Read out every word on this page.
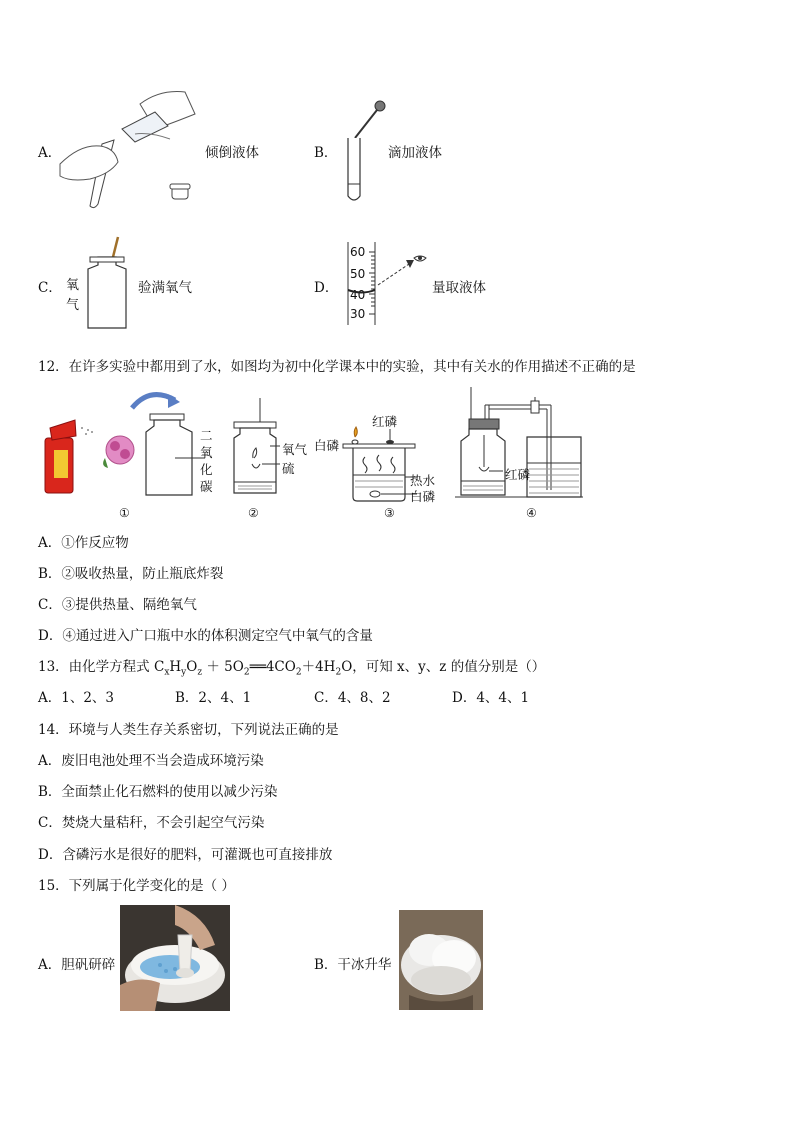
A．	倾倒液体	B．	滴加液体
C． 氧
气
验满氧气	D．
60
50
40
30
量取液体
12．在许多实验中都用到了水，如图均为初中化学课本中的实验，其中有关水的作用描述不正确的是
二
氧
化
碳
①
氧气
硫
②
红磷
白磷
热水
白磷
③
红磷
④
A．①作反应物
B．②吸收热量，防止瓶底炸裂
C．③提供热量、隔绝氧气
D．④通过进入广口瓶中水的体积测定空气中氧气的含量
13．由化学方程式 $C_xH_yO_z$ ＋ $5O_2══4CO_2+4H_2O$，可知 x、y、z 的值分别是（）
A．1、2、3	B．2、4、1	C．4、8、2	D．4、4、1
14．环境与人类生存关系密切，下列说法正确的是
A．废旧电池处理不当会造成环境污染
B．全面禁止化石燃料的使用以减少污染
C．焚烧大量秸秆，不会引起空气污染
D．含磷污水是很好的肥料，可灌溉也可直接排放
15．下列属于化学变化的是（ ）
A．胆矾研碎	B．干冰升华
